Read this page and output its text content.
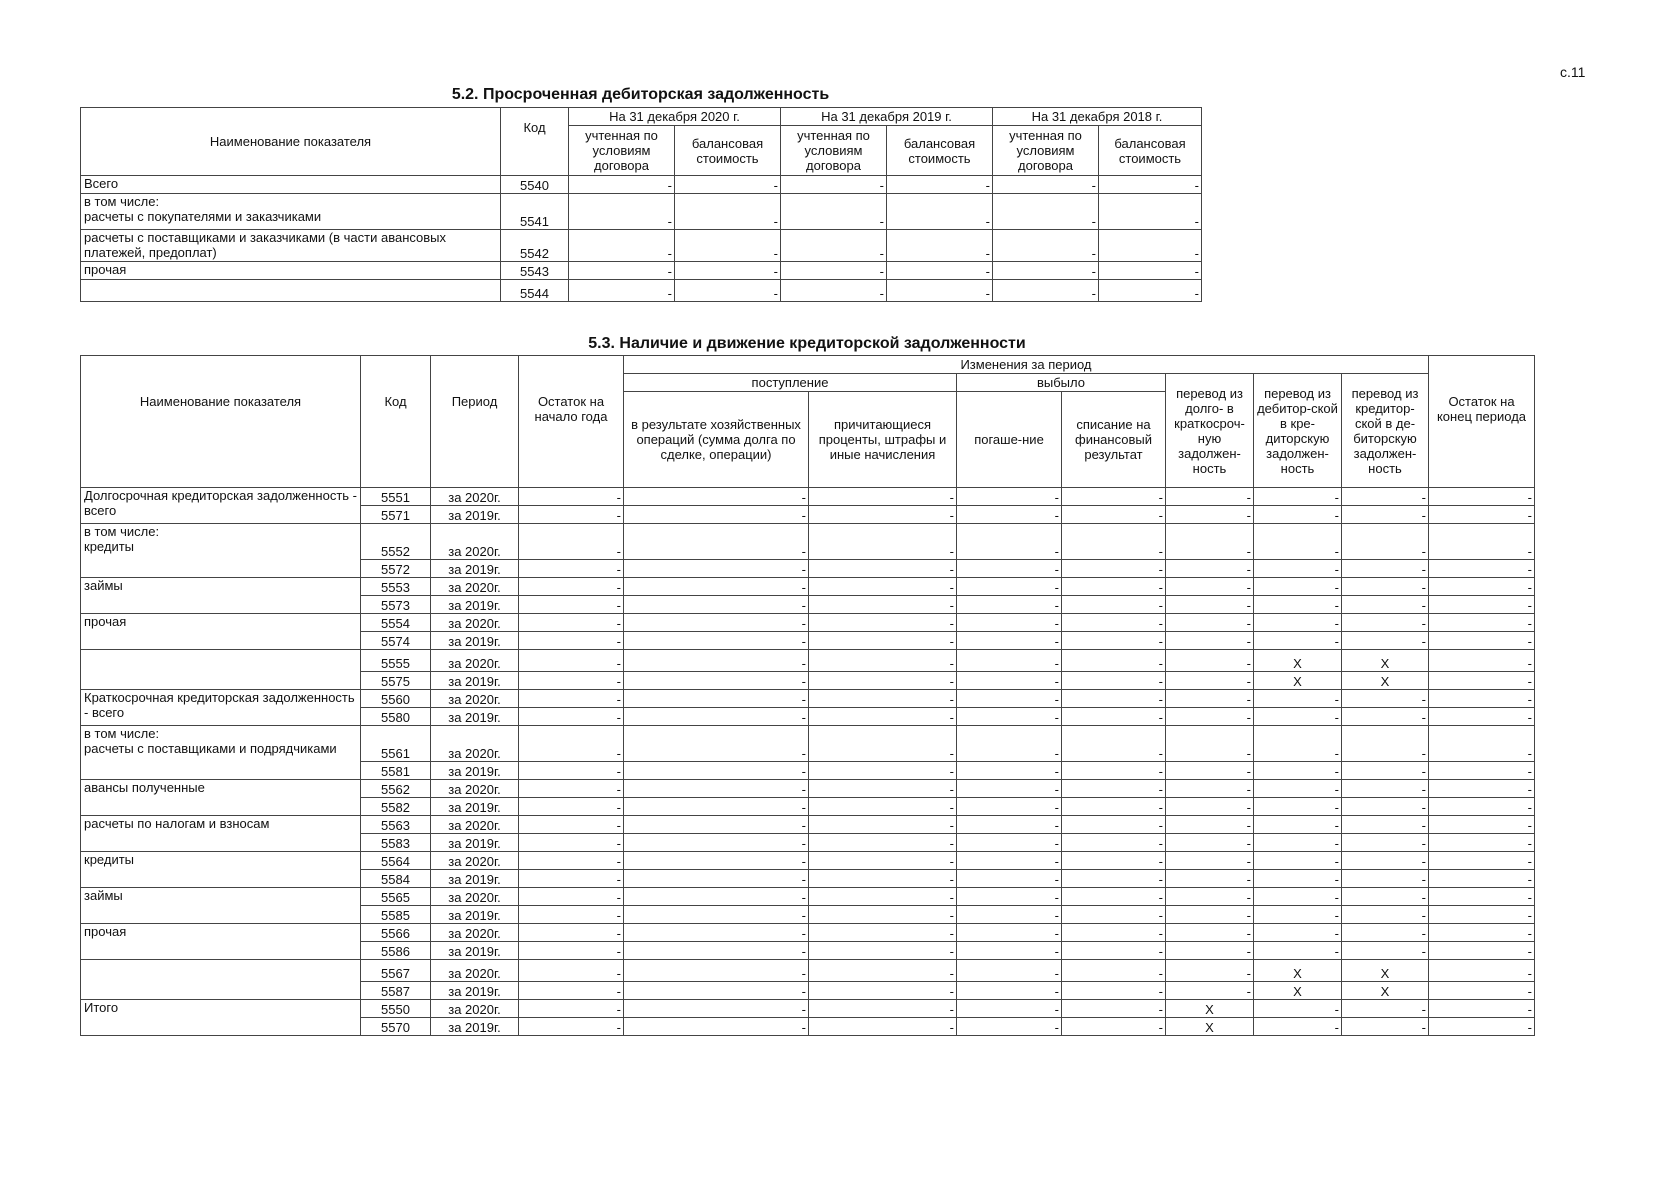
с.11
5.2. Просроченная дебиторская задолженность
Наименование показателя	Код	На 31 декабря 2020 г.		На 31 декабря 2019 г.		На 31 декабря 2018 г.	
		учтенная по условиям договора	балансовая стоимость	учтенная по условиям договора	балансовая стоимость	учтенная по условиям договора	балансовая стоимость
Всего	5540	-	-	-	-	-	-
в том числе:
расчеты с покупателями и заказчиками	5541	-	-	-	-	-	-
расчеты с поставщиками и заказчиками (в части авансовых платежей, предоплат)	5542	-	-	-	-	-	-
прочая	5543	-	-	-	-	-	-
	5544	-	-	-	-	-	-
5.3. Наличие и движение кредиторской задолженности
Наименование показателя	Код	Период	Остаток на начало года	Изменения за период							Остаток на конец периода
				поступление		выбыло		перевод из долго- в краткосроч-ную задолжен-ность	перевод из дебитор-ской в кре-диторскую задолжен-ность	перевод из кредитор-ской в де-биторскую задолжен-ность	
				в результате хозяйственных операций (сумма долга по сделке, операции)	причитающиеся проценты, штрафы и иные начисления	погаше-ние	списание на финансовый результат				
Долгосрочная кредиторская задолженность - всего	5551	за 2020г.	-	-	-	-	-	-	-	-	-
	5571	за 2019г.	-	-	-	-	-	-	-	-	-
в том числе:
кредиты	5552	за 2020г.	-	-	-	-	-	-	-	-	-
	5572	за 2019г.	-	-	-	-	-	-	-	-	-
займы	5553	за 2020г.	-	-	-	-	-	-	-	-	-
	5573	за 2019г.	-	-	-	-	-	-	-	-	-
прочая	5554	за 2020г.	-	-	-	-	-	-	-	-	-
	5574	за 2019г.	-	-	-	-	-	-	-	-	-
	5555	за 2020г.	-	-	-	-	-	-	X	X	-
	5575	за 2019г.	-	-	-	-	-	-	X	X	-
Краткосрочная кредиторская задолженность - всего	5560	за 2020г.	-	-	-	-	-	-	-	-	-
	5580	за 2019г.	-	-	-	-	-	-	-	-	-
в том числе:
расчеты с поставщиками и подрядчиками	5561	за 2020г.	-	-	-	-	-	-	-	-	-
	5581	за 2019г.	-	-	-	-	-	-	-	-	-
авансы полученные	5562	за 2020г.	-	-	-	-	-	-	-	-	-
	5582	за 2019г.	-	-	-	-	-	-	-	-	-
расчеты по налогам и взносам	5563	за 2020г.	-	-	-	-	-	-	-	-	-
	5583	за 2019г.	-	-	-	-	-	-	-	-	-
кредиты	5564	за 2020г.	-	-	-	-	-	-	-	-	-
	5584	за 2019г.	-	-	-	-	-	-	-	-	-
займы	5565	за 2020г.	-	-	-	-	-	-	-	-	-
	5585	за 2019г.	-	-	-	-	-	-	-	-	-
прочая	5566	за 2020г.	-	-	-	-	-	-	-	-	-
	5586	за 2019г.	-	-	-	-	-	-	-	-	-
	5567	за 2020г.	-	-	-	-	-	-	X	X	-
	5587	за 2019г.	-	-	-	-	-	-	X	X	-
Итого	5550	за 2020г.	-	-	-	-	-	X	-	-	-
	5570	за 2019г.	-	-	-	-	-	X	-	-	-
